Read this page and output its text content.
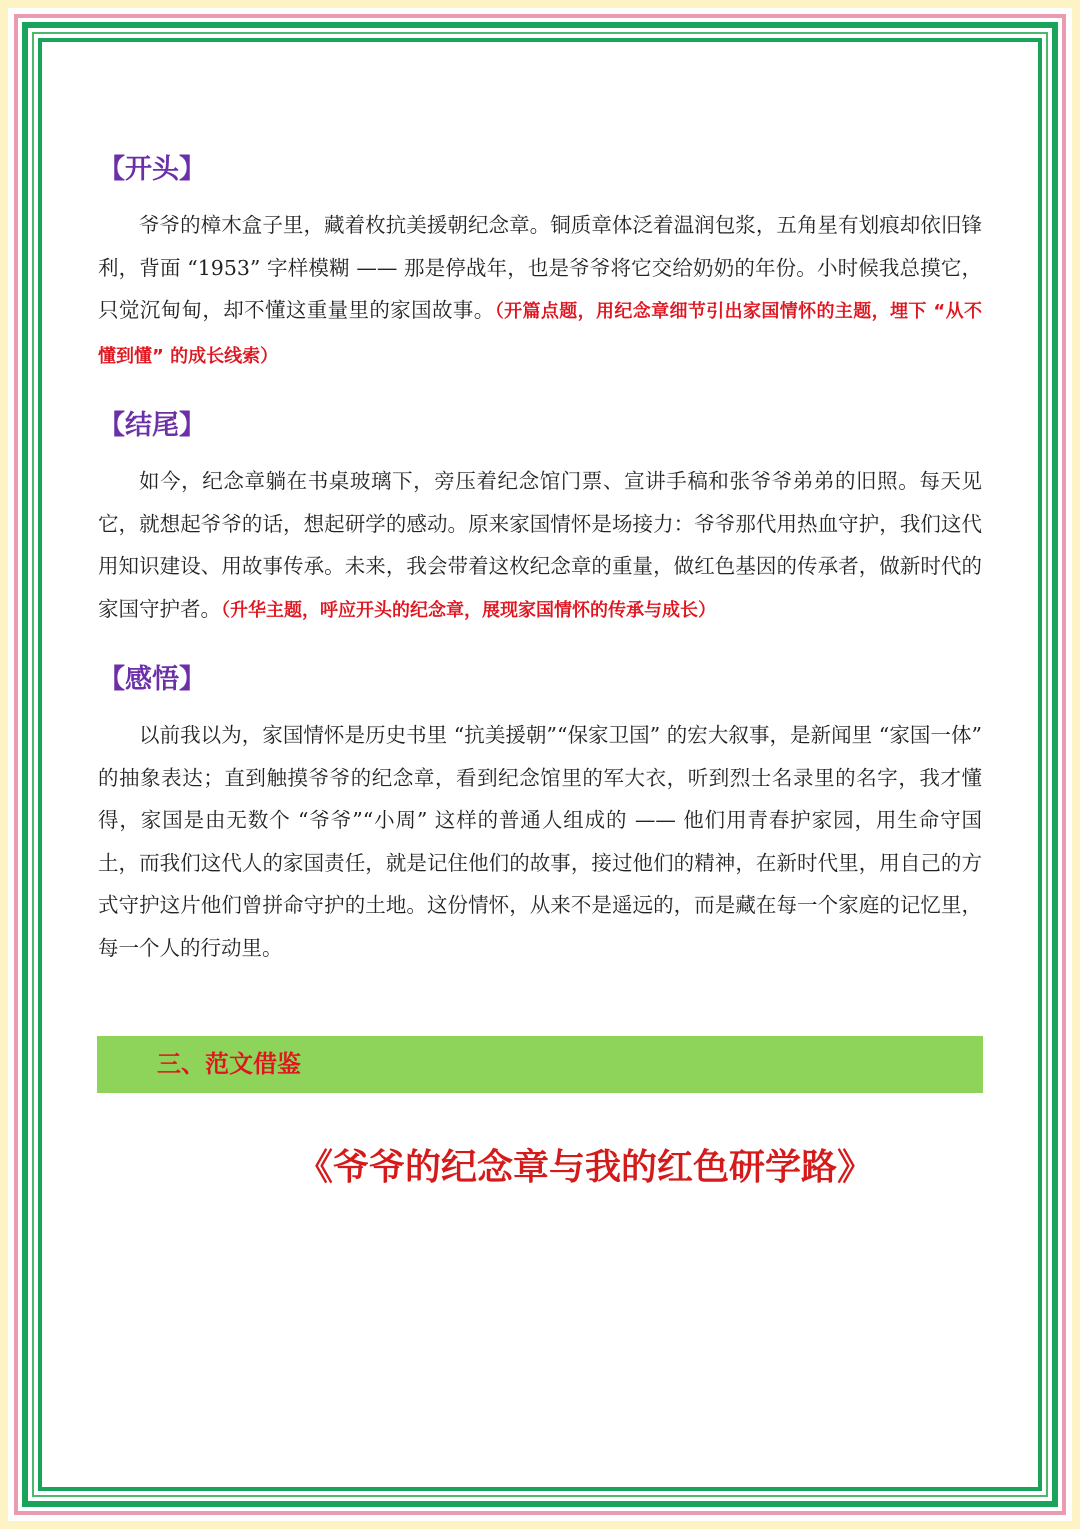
【开头】

爷爷的樟木盒子里，藏着枚抗美援朝纪念章。铜质章体泛着温润包浆，五角星有划痕却依旧锋利，背面 “1953” 字样模糊 —— 那是停战年，也是爷爷将它交给奶奶的年份。小时候我总摸它，只觉沉甸甸，却不懂这重量里的家国故事。（开篇点题，用纪念章细节引出家国情怀的主题，埋下 “从不懂到懂” 的成长线索）

【结尾】

如今，纪念章躺在书桌玻璃下，旁压着纪念馆门票、宣讲手稿和张爷爷弟弟的旧照。每天见它，就想起爷爷的话，想起研学的感动。原来家国情怀是场接力：爷爷那代用热血守护，我们这代用知识建设、用故事传承。未来，我会带着这枚纪念章的重量，做红色基因的传承者，做新时代的家国守护者。（升华主题，呼应开头的纪念章，展现家国情怀的传承与成长）

【感悟】

以前我以为，家国情怀是历史书里 “抗美援朝”“保家卫国” 的宏大叙事，是新闻里 “家国一体” 的抽象表达；直到触摸爷爷的纪念章，看到纪念馆里的军大衣，听到烈士名录里的名字，我才懂得，家国是由无数个 “爷爷”“小周” 这样的普通人组成的 —— 他们用青春护家园，用生命守国土，而我们这代人的家国责任，就是记住他们的故事，接过他们的精神，在新时代里，用自己的方式守护这片他们曾拼命守护的土地。这份情怀，从来不是遥远的，而是藏在每一个家庭的记忆里，每一个人的行动里。

三、范文借鉴
《爷爷的纪念章与我的红色研学路》
